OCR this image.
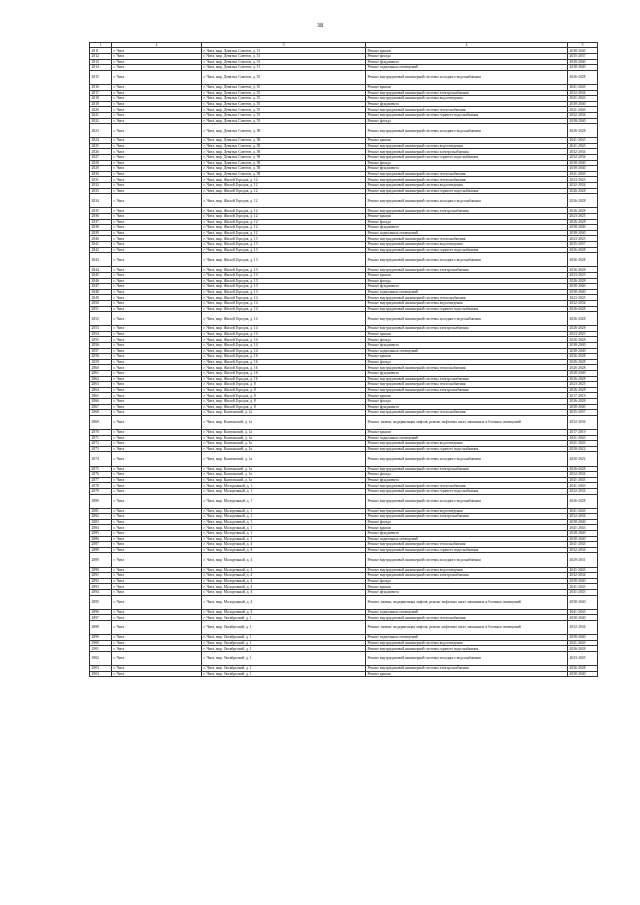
38
1	2	3	4	5
2811	г. Чита	г. Чита, мкр. Девятых Советов, д. 51	Ремонт крыши	2038-2040
2812	г. Чита	г. Чита, мкр. Девятых Советов, д. 51	Ремонт фасада	2035-2037
2813	г. Чита	г. Чита, мкр. Девятых Советов, д. 51	Ремонт фундамента	2038-2040
2814	г. Чита	г. Чита, мкр. Девятых Советов, д. 51	Ремонт подвальных помещений	2038-2040
2815	г. Чита	г. Чита, мкр. Девятых Советов, д. 55	Ремонт внутридомовой инженерной системы холодного водоснабжения	2026-2028
2816	г. Чита	г. Чита, мкр. Девятых Советов, д. 55	Ремонт крыши	2041-2043
2817	г. Чита	г. Чита, мкр. Девятых Советов, д. 55	Ремонт внутридомовой инженерной системы электроснабжения	2032-2034
2818	г. Чита	г. Чита, мкр. Девятых Советов, д. 55	Ремонт внутридомовой инженерной системы водоотведения	2041-2043
2819	г. Чита	г. Чита, мкр. Девятых Советов, д. 55	Ремонт фундамента	2038-2040
2820	г. Чита	г. Чита, мкр. Девятых Советов, д. 55	Ремонт внутридомовой инженерной системы теплоснабжения	2041-2043
2821	г. Чита	г. Чита, мкр. Девятых Советов, д. 55	Ремонт внутридомовой инженерной системы горячего водоснабжения	2032-2034
2822	г. Чита	г. Чита, мкр. Девятых Советов, д. 55	Ремонт фасада	2038-2040
2823	г. Чита	г. Чита, мкр. Девятых Советов, д. 58	Ремонт внутридомовой инженерной системы холодного водоснабжения	2026-2028
2824	г. Чита	г. Чита, мкр. Девятых Советов, д. 58	Ремонт крыши	2041-2043
2825	г. Чита	г. Чита, мкр. Девятых Советов, д. 58	Ремонт внутридомовой инженерной системы водоотведения	2041-2043
2826	г. Чита	г. Чита, мкр. Девятых Советов, д. 58	Ремонт внутридомовой инженерной системы электроснабжения	2032-2034
2827	г. Чита	г. Чита, мкр. Девятых Советов, д. 58	Ремонт внутридомовой инженерной системы горячего водоснабжения	2032-2034
2828	г. Чита	г. Чита, мкр. Девятых Советов, д. 58	Ремонт фасада	2038-2040
2829	г. Чита	г. Чита, мкр. Девятых Советов, д. 58	Ремонт фундамента	2038-2040
2830	г. Чита	г. Чита, мкр. Девятых Советов, д. 58	Ремонт внутридомовой инженерной системы теплоснабжения	2041-2043
2831	г. Чита	г. Чита, мкр. Жилой Городок, д. 12	Ремонт внутридомовой инженерной системы теплоснабжения	2023-2025
2832	г. Чита	г. Чита, мкр. Жилой Городок, д. 12	Ремонт внутридомовой инженерной системы водоотведения	2032-2034
2833	г. Чита	г. Чита, мкр. Жилой Городок, д. 12	Ремонт внутридомовой инженерной системы горячего водоснабжения	2026-2028
2834	г. Чита	г. Чита, мкр. Жилой Городок, д. 12	Ремонт внутридомовой инженерной системы холодного водоснабжения	2026-2028
2835	г. Чита	г. Чита, мкр. Жилой Городок, д. 12	Ремонт внутридомовой инженерной системы электроснабжения	2026-2028
2836	г. Чита	г. Чита, мкр. Жилой Городок, д. 12	Ремонт крыши	2023-2025
2837	г. Чита	г. Чита, мкр. Жилой Городок, д. 12	Ремонт фасада	2026-2028
2838	г. Чита	г. Чита, мкр. Жилой Городок, д. 12	Ремонт фундамента	2038-2040
2839	г. Чита	г. Чита, мкр. Жилой Городок, д. 12	Ремонт подвальных помещений	2038-2040
2840	г. Чита	г. Чита, мкр. Жилой Городок, д. 13	Ремонт внутридомовой инженерной системы теплоснабжения	2023-2025
2841	г. Чита	г. Чита, мкр. Жилой Городок, д. 13	Ремонт внутридомовой инженерной системы водоотведения	2035-2037
2842	г. Чита	г. Чита, мкр. Жилой Городок, д. 13	Ремонт внутридомовой инженерной системы горячего водоснабжения	2026-2028
2843	г. Чита	г. Чита, мкр. Жилой Городок, д. 13	Ремонт внутридомовой инженерной системы холодного водоснабжения	2026-2028
2844	г. Чита	г. Чита, мкр. Жилой Городок, д. 13	Ремонт внутридомовой инженерной системы электроснабжения	2026-2028
2845	г. Чита	г. Чита, мкр. Жилой Городок, д. 13	Ремонт крыши	2023-2025
2846	г. Чита	г. Чита, мкр. Жилой Городок, д. 13	Ремонт фасада	2026-2028
2847	г. Чита	г. Чита, мкр. Жилой Городок, д. 13	Ремонт фундамента	2038-2040
2848	г. Чита	г. Чита, мкр. Жилой Городок, д. 13	Ремонт подвальных помещений	2038-2040
2849	г. Чита	г. Чита, мкр. Жилой Городок, д. 14	Ремонт внутридомовой инженерной системы теплоснабжения	2023-2025
2850	г. Чита	г. Чита, мкр. Жилой Городок, д. 14	Ремонт внутридомовой инженерной системы водоотведения	2032-2034
2851	г. Чита	г. Чита, мкр. Жилой Городок, д. 14	Ремонт внутридомовой инженерной системы горячего водоснабжения	2026-2028
2852	г. Чита	г. Чита, мкр. Жилой Городок, д. 14	Ремонт внутридомовой инженерной системы холодного водоснабжения	2026-2028
2853	г. Чита	г. Чита, мкр. Жилой Городок, д. 14	Ремонт внутридомовой инженерной системы электроснабжения	2026-2028
2854	г. Чита	г. Чита, мкр. Жилой Городок, д. 14	Ремонт крыши	2023-2025
2855	г. Чита	г. Чита, мкр. Жилой Городок, д. 14	Ремонт фасада	2026-2028
2856	г. Чита	г. Чита, мкр. Жилой Городок, д. 14	Ремонт фундамента	2038-2040
2857	г. Чита	г. Чита, мкр. Жилой Городок, д. 14	Ремонт подвальных помещений	2038-2040
2858	г. Чита	г. Чита, мкр. Жилой Городок, д. 16	Ремонт крыши	2026-2028
2859	г. Чита	г. Чита, мкр. Жилой Городок, д. 16	Ремонт фасада	2026-2028
2860	г. Чита	г. Чита, мкр. Жилой Городок, д. 16	Ремонт внутридомовой инженерной системы теплоснабжения	2026-2028
2861	г. Чита	г. Чита, мкр. Жилой Городок, д. 16	Ремонт фундамента	2038-2040
2862	г. Чита	г. Чита, мкр. Жилой Городок, д. 16	Ремонт внутридомовой инженерной системы электроснабжения	2026-2028
2863	г. Чита	г. Чита, мкр. Жилой Городок, д. 8	Ремонт внутридомовой инженерной системы теплоснабжения	2023-2025
2864	г. Чита	г. Чита, мкр. Жилой Городок, д. 8	Ремонт внутридомовой инженерной системы электроснабжения	2026-2028
2865	г. Чита	г. Чита, мкр. Жилой Городок, д. 8	Ремонт крыши	2017-2019
2866	г. Чита	г. Чита, мкр. Жилой Городок, д. 8	Ремонт фасада	2026-2028
2867	г. Чита	г. Чита, мкр. Жилой Городок, д. 8	Ремонт фундамента	2038-2040
2868	г. Чита	г. Чита, мкр. Каштакский, д. 1а	Ремонт внутридомовой инженерной системы теплоснабжения	2035-2037
2869	г. Чита	г. Чита, мкр. Каштакский, д. 1а	Ремонт, замена, модернизация лифтов, ремонт лифтовых шахт, машинных и блочных помещений	2032-2034
2870	г. Чита	г. Чита, мкр. Каштакский, д. 1а	Ремонт крыши	2017-2019
2871	г. Чита	г. Чита, мкр. Каштакский, д. 1а	Ремонт подвальных помещений	2041-2043
2872	г. Чита	г. Чита, мкр. Каштакский, д. 1а	Ремонт внутридомовой инженерной системы водоотведения	2041-2043
2873	г. Чита	г. Чита, мкр. Каштакский, д. 1а	Ремонт внутридомовой инженерной системы горячего водоснабжения	2020-2022
2874	г. Чита	г. Чита, мкр. Каштакский, д. 1а	Ремонт внутридомовой инженерной системы холодного водоснабжения	2020-2022
2875	г. Чита	г. Чита, мкр. Каштакский, д. 1а	Ремонт внутридомовой инженерной системы электроснабжения	2026-2028
2876	г. Чита	г. Чита, мкр. Каштакский, д. 1а	Ремонт фасада	2032-2034
2877	г. Чита	г. Чита, мкр. Каштакский, д. 1а	Ремонт фундамента	2041-2043
2878	г. Чита	г. Чита, мкр. Молодежный, д. 1	Ремонт внутридомовой инженерной системы теплоснабжения	2041-2043
2879	г. Чита	г. Чита, мкр. Молодежный, д. 1	Ремонт внутридомовой инженерной системы горячего водоснабжения	2032-2034
2880	г. Чита	г. Чита, мкр. Молодежный, д. 1	Ремонт внутридомовой инженерной системы холодного водоснабжения	2026-2028
2881	г. Чита	г. Чита, мкр. Молодежный, д. 1	Ремонт внутридомовой инженерной системы водоотведения	2041-2043
2882	г. Чита	г. Чита, мкр. Молодежный, д. 1	Ремонт внутридомовой инженерной системы электроснабжения	2032-2034
2883	г. Чита	г. Чита, мкр. Молодежный, д. 1	Ремонт фасада	2038-2040
2884	г. Чита	г. Чита, мкр. Молодежный, д. 1	Ремонт крыши	2041-2043
2885	г. Чита	г. Чита, мкр. Молодежный, д. 1	Ремонт фундамента	2038-2040
2886	г. Чита	г. Чита, мкр. Молодежный, д. 1	Ремонт подвальных помещений	2038-2040
2887	г. Чита	г. Чита, мкр. Молодежный, д. 4	Ремонт внутридомовой инженерной системы теплоснабжения	2041-2043
2888	г. Чита	г. Чита, мкр. Молодежный, д. 4	Ремонт внутридомовой инженерной системы горячего водоснабжения	2032-2034
2889	г. Чита	г. Чита, мкр. Молодежный, д. 4	Ремонт внутридомовой инженерной системы холодного водоснабжения	2029-2031
2890	г. Чита	г. Чита, мкр. Молодежный, д. 4	Ремонт внутридомовой инженерной системы водоотведения	2041-2043
2891	г. Чита	г. Чита, мкр. Молодежный, д. 4	Ремонт внутридомовой инженерной системы электроснабжения	2032-2034
2892	г. Чита	г. Чита, мкр. Молодежный, д. 4	Ремонт фасада	2038-2040
2893	г. Чита	г. Чита, мкр. Молодежный, д. 4	Ремонт крыши	2041-2043
2894	г. Чита	г. Чита, мкр. Молодежный, д. 4	Ремонт фундамента	2041-2043
2895	г. Чита	г. Чита, мкр. Молодежный, д. 4	Ремонт, замена, модернизация лифтов, ремонт лифтовых шахт, машинных и блочных помещений	2038-2040
2896	г. Чита	г. Чита, мкр. Молодежный, д. 4	Ремонт подвальных помещений	2041-2043
2897	г. Чита	г. Чита, мкр. Октябрьский, д. 1	Ремонт внутридомовой инженерной системы теплоснабжения	2038-2040
2898	г. Чита	г. Чита, мкр. Октябрьский, д. 1	Ремонт, замена, модернизация лифтов, ремонт лифтовых шахт, машинных и блочных помещений	2032-2034
2899	г. Чита	г. Чита, мкр. Октябрьский, д. 1	Ремонт подвальных помещений	2038-2040
2900	г. Чита	г. Чита, мкр. Октябрьский, д. 1	Ремонт внутридомовой инженерной системы водоотведения	2041-2043
2901	г. Чита	г. Чита, мкр. Октябрьский, д. 1	Ремонт внутридомовой инженерной системы горячего водоснабжения	2026-2028
2902	г. Чита	г. Чита, мкр. Октябрьский, д. 1	Ремонт внутридомовой инженерной системы холодного водоснабжения	2023-2025
2903	г. Чита	г. Чита, мкр. Октябрьский, д. 1	Ремонт внутридомовой инженерной системы электроснабжения	2026-2028
2904	г. Чита	г. Чита, мкр. Октябрьский, д. 1	Ремонт крыши	2038-2040
